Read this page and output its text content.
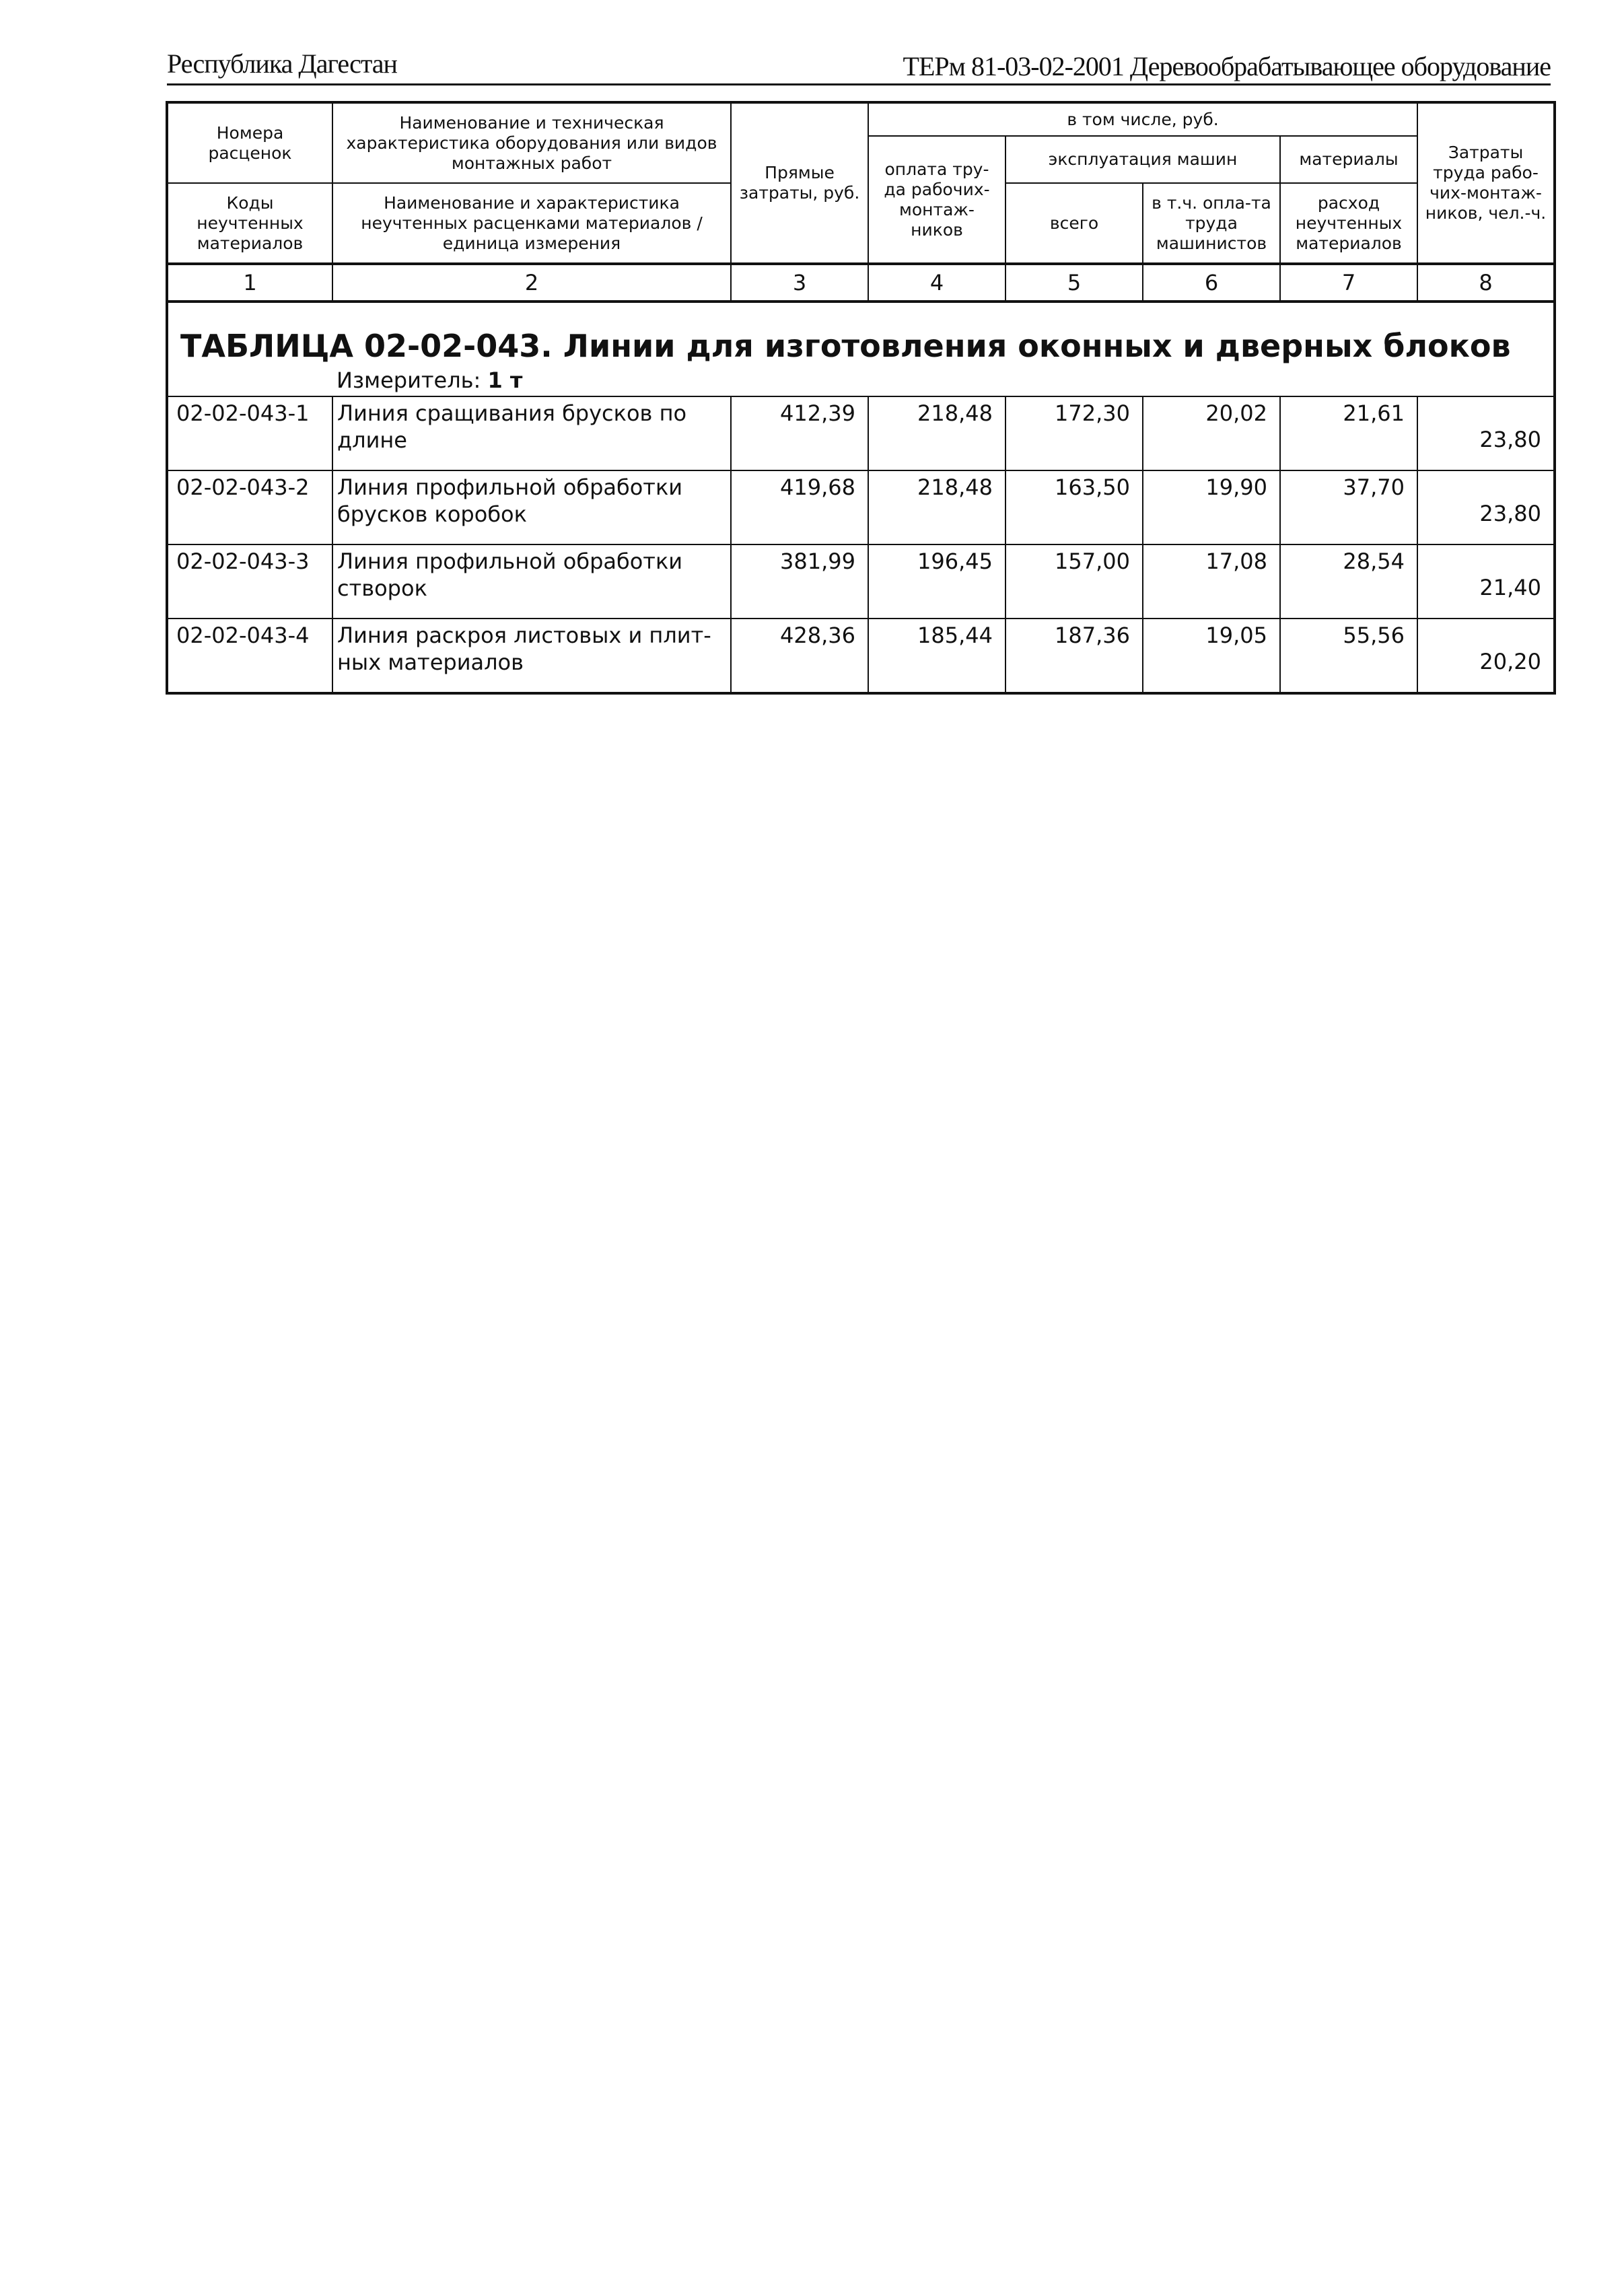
Республика Дагестан	ТЕРм 81-03-02-2001 Деревообрабатывающее оборудование
Номера расценок	Наименование и техническая характеристика оборудования или видов монтажных работ	Прямые затраты, руб.	в том числе, руб.				Затраты труда рабо-чих-монтаж-ников, чел.-ч.
			оплата тру-да рабочих-монтаж-ников	эксплуатация машин		материалы	
Коды неучтенных материалов	Наименование и характеристика неучтенных расценками материалов / единица измерения			всего	в т.ч. опла-та труда машинистов	расход неучтенных материалов	

1	2	3	4	5	6	7	8
ТАБЛИЦА 02-02-043. Линии для изготовления оконных и дверных блоков							
	Измеритель: 1 т						
02-02-043-1	Линия сращивания брусков по длине	412,39	218,48	172,30	20,02	21,61	23,80
02-02-043-2	Линия профильной обработки брусков коробок	419,68	218,48	163,50	19,90	37,70	23,80
02-02-043-3	Линия профильной обработки створок	381,99	196,45	157,00	17,08	28,54	21,40
02-02-043-4	Линия раскроя листовых и плит-ных материалов	428,36	185,44	187,36	19,05	55,56	20,20
